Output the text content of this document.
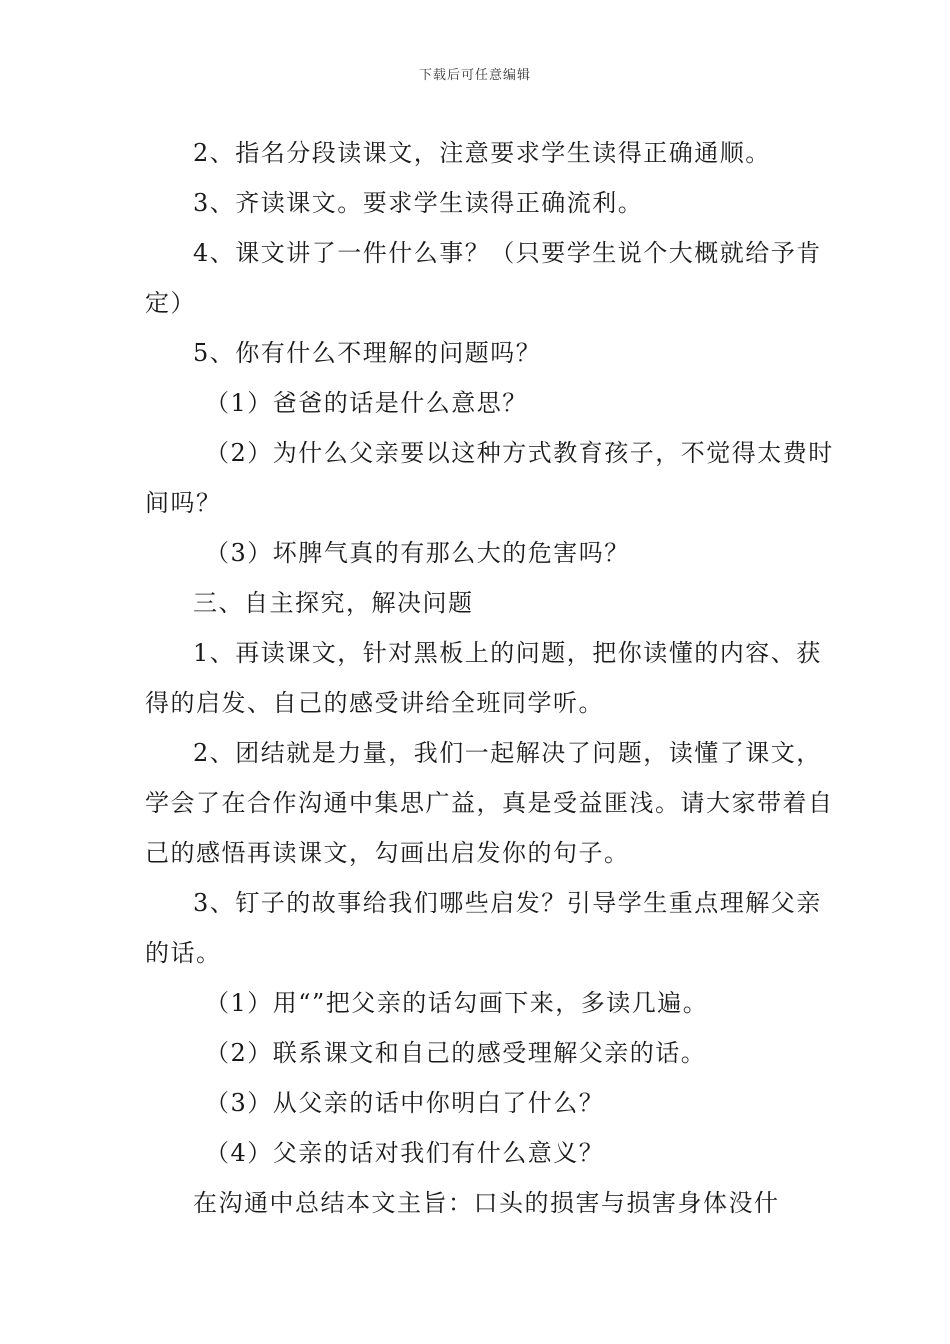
下载后可任意编辑

2、指名分段读课文，注意要求学生读得正确通顺。

3、齐读课文。要求学生读得正确流利。

4、课文讲了一件什么事？（只要学生说个大概就给予肯定）

5、你有什么不理解的问题吗？

（1）爸爸的话是什么意思？

（2）为什么父亲要以这种方式教育孩子，不觉得太费时间吗？

（3）坏脾气真的有那么大的危害吗？

三、自主探究，解决问题

1、再读课文，针对黑板上的问题，把你读懂的内容、获得的启发、自己的感受讲给全班同学听。

2、团结就是力量，我们一起解决了问题，读懂了课文，学会了在合作沟通中集思广益，真是受益匪浅。请大家带着自己的感悟再读课文，勾画出启发你的句子。

3、钉子的故事给我们哪些启发？引导学生重点理解父亲的话。

（1）用“”把父亲的话勾画下来，多读几遍。

（2）联系课文和自己的感受理解父亲的话。

（3）从父亲的话中你明白了什么？

（4）父亲的话对我们有什么意义？

在沟通中总结本文主旨：口头的损害与损害身体没什
